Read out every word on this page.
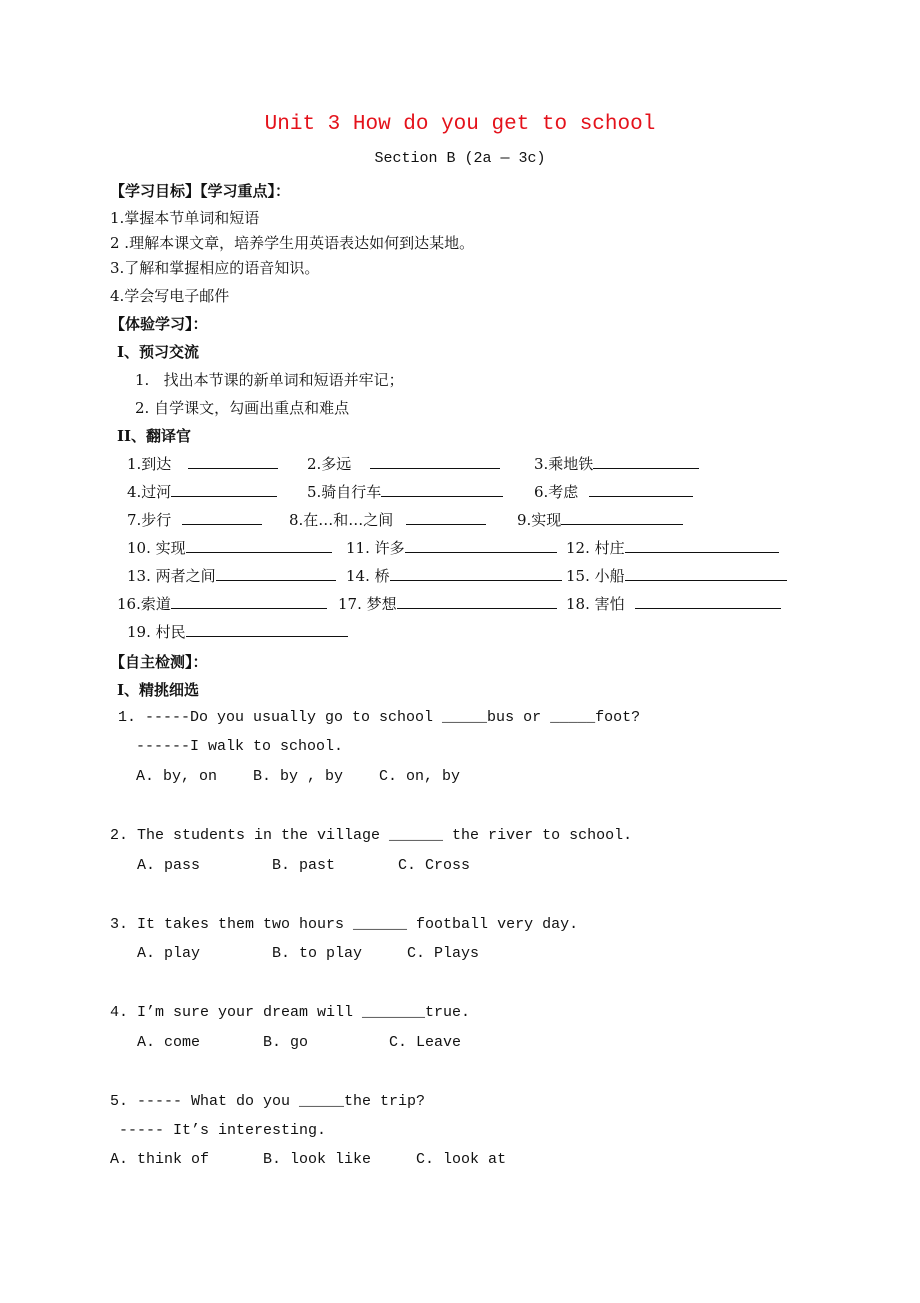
Unit 3 How do you get to school
Section B (2a — 3c)
【学习目标】【学习重点】：
1.掌握本节单词和短语
2 .理解本课文章，培养学生用英语表达如何到达某地。
3.了解和掌握相应的语音知识。
4.学会写电子邮件
【体验学习】：
I、预习交流
1.   找出本节课的新单词和短语并牢记；
2. 自学课文，勾画出重点和难点
II、翻译官
1.到达	2.多远	3.乘地铁
4.过河	5.骑自行车	6.考虑
7.步行	8.在…和…之间	9.实现
10. 实现	11. 许多	12. 村庄
13. 两者之间	14. 桥	15. 小船
16.索道	17. 梦想	18. 害怕
19. 村民
【自主检测】：
I、精挑细选
1. -----Do you usually go to school _____bus or _____foot?
------I walk to school.
A. by, on    B. by , by    C. on, by
2. The students in the village ______ the river to school.
A. pass        B. past       C. Cross
3. It takes them two hours ______ football very day.
A. play        B. to play     C. Plays
4. I’m sure your dream will _______true.
A. come       B. go         C. Leave
5. ----- What do you _____the trip?
----- It’s interesting.
A. think of      B. look like     C. look at
